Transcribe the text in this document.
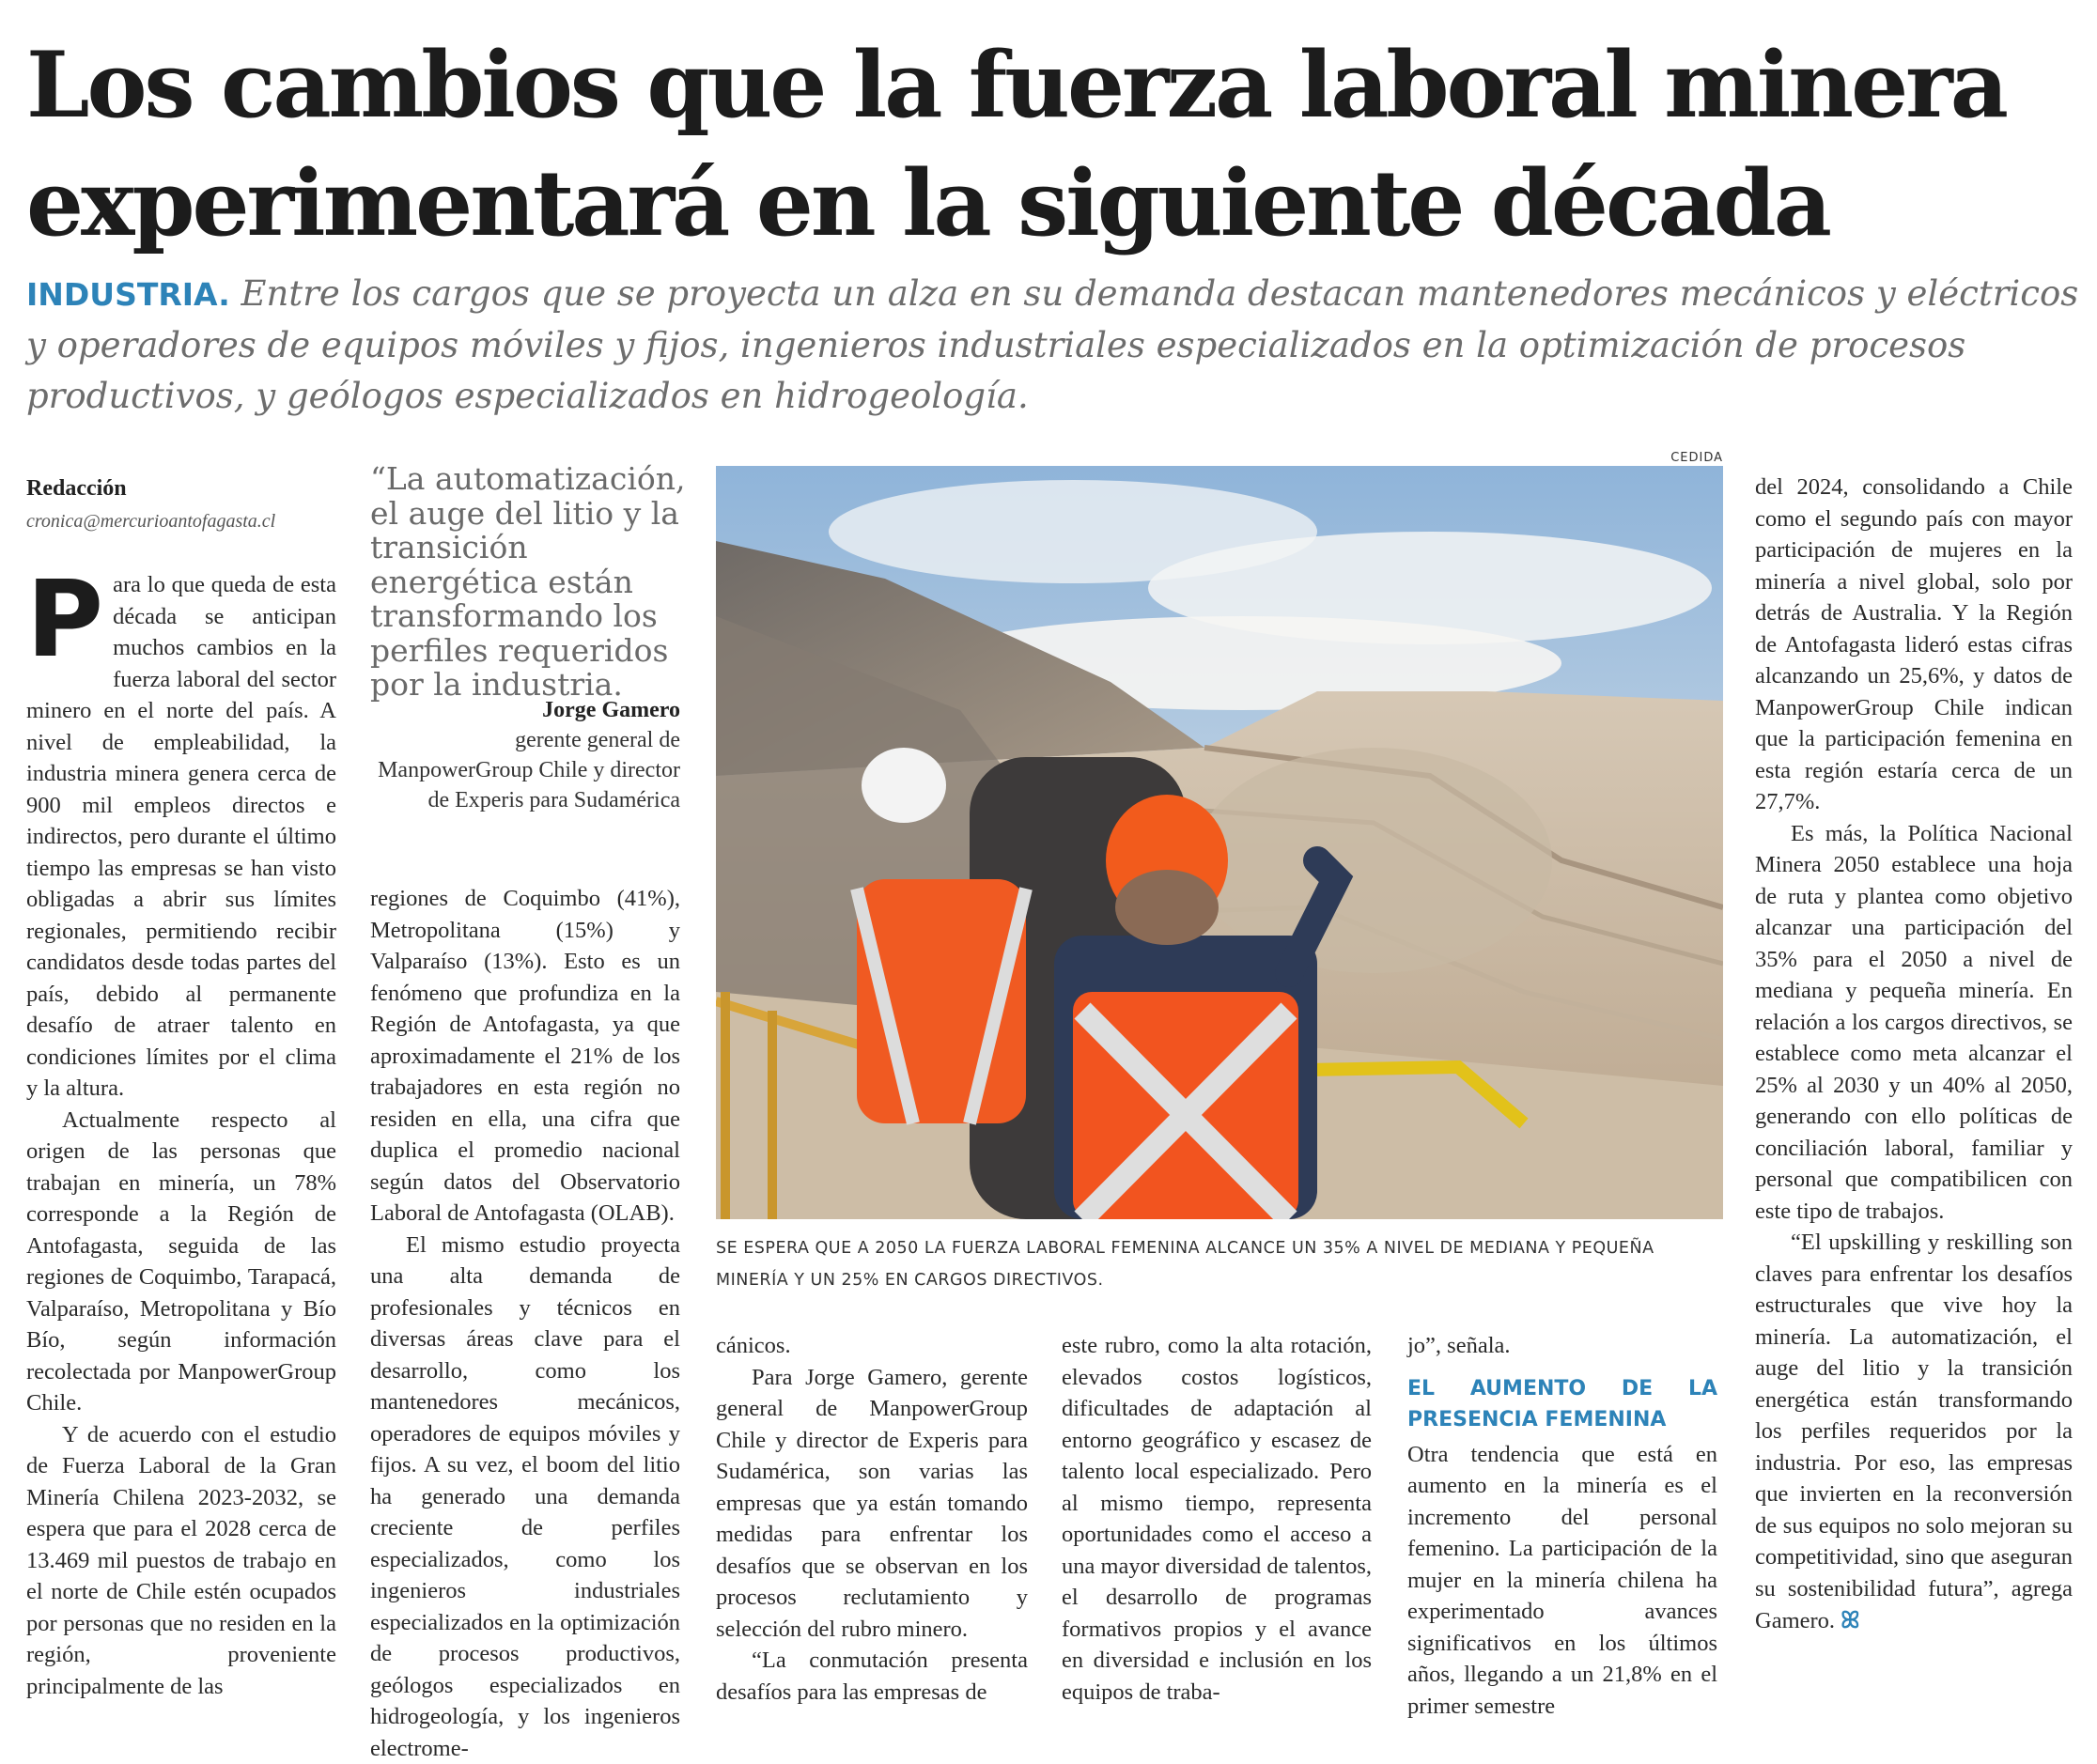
Los cambios que la fuerza laboral minera experimentará en la siguiente década

INDUSTRIA. Entre los cargos que se proyecta un alza en su demanda destacan mantenedores mecánicos y eléctricos y operadores de equipos móviles y fijos, ingenieros industriales especializados en la optimización de procesos productivos, y geólogos especializados en hidrogeología.

Redacción
cronica@mercurioantofagasta.cl

Para lo que queda de esta década se anticipan muchos cambios en la fuerza laboral del sector minero en el norte del país. A nivel de empleabilidad, la industria minera genera cerca de 900 mil empleos directos e indirectos, pero durante el último tiempo las empresas se han visto obligadas a abrir sus límites regionales, permitiendo recibir candidatos desde todas partes del país, debido al permanente desafío de atraer talento en condiciones límites por el clima y la altura.

Actualmente respecto al origen de las personas que trabajan en minería, un 78% corresponde a la Región de Antofagasta, seguida de las regiones de Coquimbo, Tarapacá, Valparaíso, Metropolitana y Bío Bío, según información recolectada por ManpowerGroup Chile.

Y de acuerdo con el estudio de Fuerza Laboral de la Gran Minería Chilena 2023-2032, se espera que para el 2028 cerca de 13.469 mil puestos de trabajo en el norte de Chile estén ocupados por personas que no residen en la región, proveniente principalmente de las

“La automatización, el auge del litio y la transición energética están transformando los perfiles requeridos por la industria.
Jorge Gamero
gerente general de ManpowerGroup Chile y director de Experis para Sudamérica

regiones de Coquimbo (41%), Metropolitana (15%) y Valparaíso (13%). Esto es un fenómeno que profundiza en la Región de Antofagasta, ya que aproximadamente el 21% de los trabajadores en esta región no residen en ella, una cifra que duplica el promedio nacional según datos del Observatorio Laboral de Antofagasta (OLAB).

El mismo estudio proyecta una alta demanda de profesionales y técnicos en diversas áreas clave para el desarrollo, como los mantenedores mecánicos, operadores de equipos móviles y fijos. A su vez, el boom del litio ha generado una demanda creciente de perfiles especializados, como los ingenieros industriales especializados en la optimización de procesos productivos, geólogos especializados en hidrogeología, y los ingenieros electrome-

CEDIDA
SE ESPERA QUE A 2050 LA FUERZA LABORAL FEMENINA ALCANCE UN 35% A NIVEL DE MEDIANA Y PEQUEÑA MINERÍA Y UN 25% EN CARGOS DIRECTIVOS.

cánicos.

Para Jorge Gamero, gerente general de ManpowerGroup Chile y director de Experis para Sudamérica, son varias las empresas que ya están tomando medidas para enfrentar los desafíos que se observan en los procesos reclutamiento y selección del rubro minero.

“La conmutación presenta desafíos para las empresas de

este rubro, como la alta rotación, elevados costos logísticos, dificultades de adaptación al entorno geográfico y escasez de talento local especializado. Pero al mismo tiempo, representa oportunidades como el acceso a una mayor diversidad de talentos, el desarrollo de programas formativos propios y el avance en diversidad e inclusión en los equipos de traba-

jo”, señala.

EL AUMENTO DE LA PRESENCIA FEMENINA

Otra tendencia que está en aumento en la minería es el incremento del personal femenino. La participación de la mujer en la minería chilena ha experimentado avances significativos en los últimos años, llegando a un 21,8% en el primer semestre

del 2024, consolidando a Chile como el segundo país con mayor participación de mujeres en la minería a nivel global, solo por detrás de Australia. Y la Región de Antofagasta lideró estas cifras alcanzando un 25,6%, y datos de ManpowerGroup Chile indican que la participación femenina en esta región estaría cerca de un 27,7%.

Es más, la Política Nacional Minera 2050 establece una hoja de ruta y plantea como objetivo alcanzar una participación del 35% para el 2050 a nivel de mediana y pequeña minería. En relación a los cargos directivos, se establece como meta alcanzar el 25% al 2030 y un 40% al 2050, generando con ello políticas de conciliación laboral, familiar y personal que compatibilicen con este tipo de trabajos.

“El upskilling y reskilling son claves para enfrentar los desafíos estructurales que vive hoy la minería. La automatización, el auge del litio y la transición energética están transformando los perfiles requeridos por la industria. Por eso, las empresas que invierten en la reconversión de sus equipos no solo mejoran su competitividad, sino que aseguran su sostenibilidad futura”, agrega Gamero. ꕤ
